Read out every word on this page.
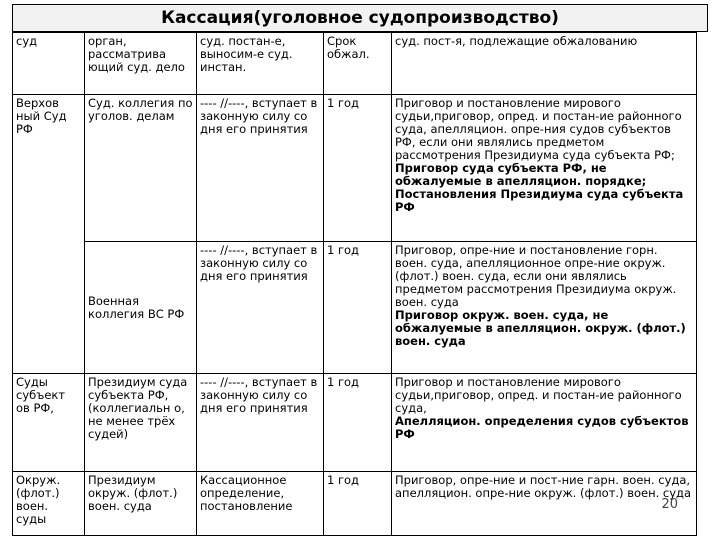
Кассация(уголовное судопроизводство)
суд	орган, рассматрива ющий суд. дело	суд. постан-е, выносим-е суд. инстан.	Срок обжал.	суд. пост-я, подлежащие обжалованию
Верхов ный Суд РФ	Суд. коллегия по уголов. делам	---- //----, вступает в законную силу со дня его принятия	1 год	Приговор и постановление мирового судьи,приговор, опред. и постан-ие районного суда, апелляцион. опре-ния судов субъектов РФ, если они являлись предметом рассмотрения Президиума суда субъекта РФ;
Приговор суда субъекта РФ, не обжалуемые в апелляцион. порядке;
Постановления Президиума суда субъекта РФ

	Военная коллегия ВС РФ	---- //----, вступает в законную силу со дня его принятия	1 год	Приговор, опре-ние и постановление горн. воен. суда, апелляционное опре-ние окруж. (флот.) воен. суда, если они являлись предметом рассмотрения Президиума окруж. воен. суда
Приговор окруж. воен. суда, не обжалуемые в апелляцион. окруж. (флот.) воен. суда

Суды субъект ов РФ,	Президиум суда субъекта РФ, (коллегиальн о, не менее трёх судей)	---- //----, вступает в законную силу со дня его принятия	1 год	Приговор и постановление мирового судьи,приговор, опред. и постан-ие районного суда,
Апелляцион. определения судов субъектов РФ

Окруж. (флот.) воен. суды	Президиум окруж. (флот.) воен. суда	Кассационное определение, постановление	1 год	Приговор, опре-ние и пост-ние гарн. воен. суда, апелляцион. опре-ние окруж. (флот.) воен. суда
20
